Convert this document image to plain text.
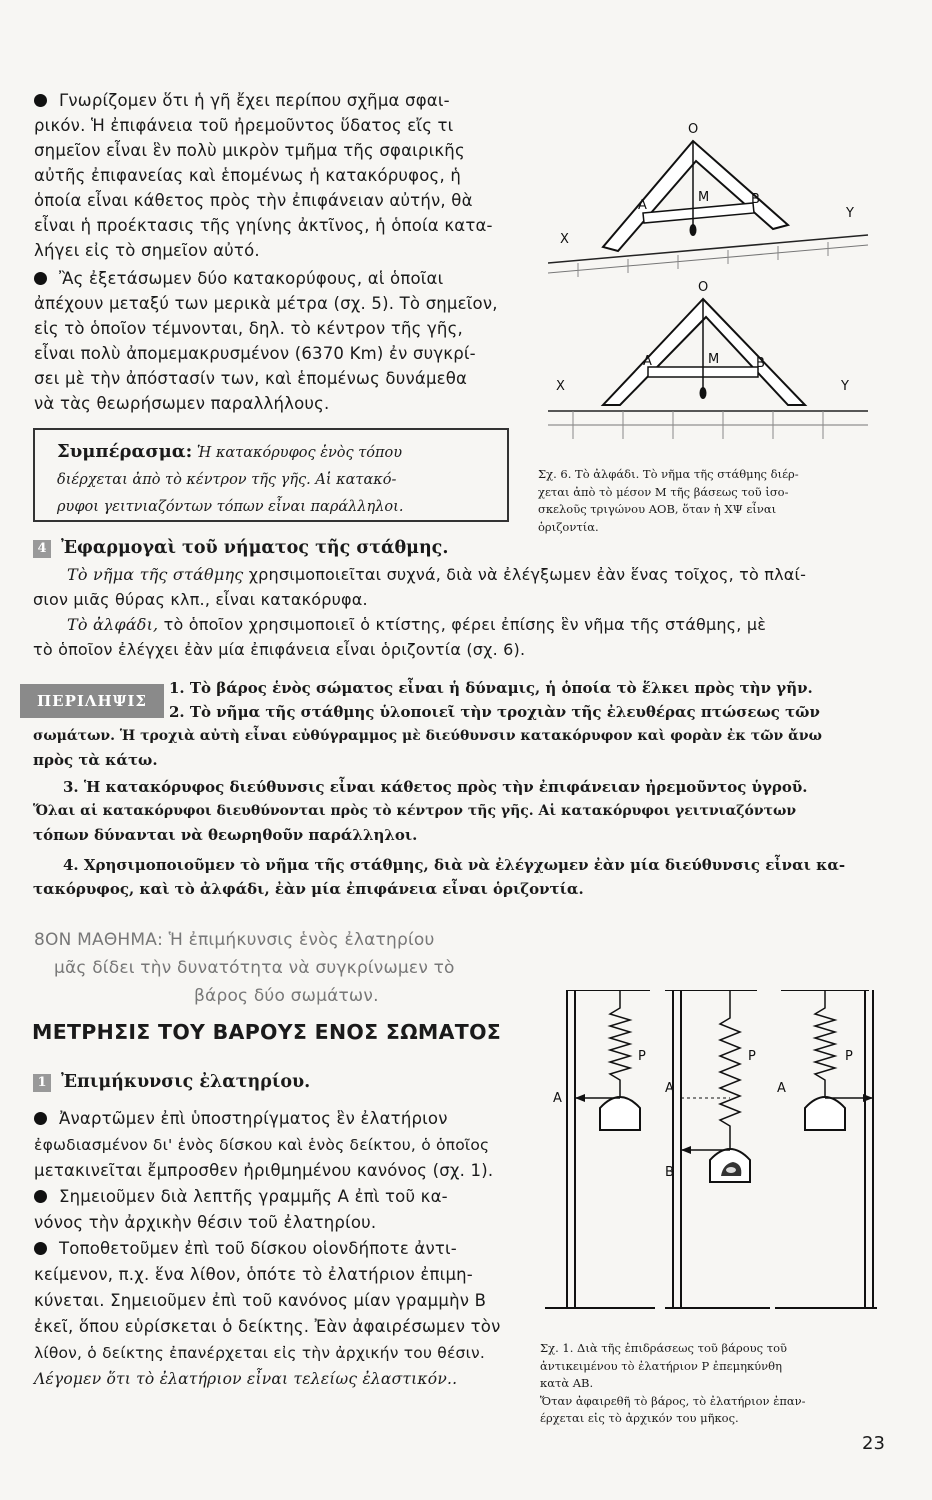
Γνωρίζομεν ὅτι ἡ γῆ ἔχει περίπου σχῆμα σφαι-
ρικόν. Ἡ ἐπιφάνεια τοῦ ἠρεμοῦντος ὕδατος εἴς τι
σημεῖον εἶναι ἓν πολὺ μικρὸν τμῆμα τῆς σφαιρικῆς
αὐτῆς ἐπιφανείας καὶ ἑπομένως ἡ κατακόρυφος, ἡ
ὁποία εἶναι κάθετος πρὸς τὴν ἐπιφάνειαν αὐτήν, θὰ
εἶναι ἡ προέκτασις τῆς γηίνης ἀκτῖνος, ἡ ὁποία κατα-
λήγει εἰς τὸ σημεῖον αὐτό.
Ἂς ἐξετάσωμεν δύο κατακορύφους, αἱ ὁποῖαι
ἀπέχουν μεταξύ των μερικὰ μέτρα (σχ. 5). Τὸ σημεῖον,
εἰς τὸ ὁποῖον τέμνονται, δηλ. τὸ κέντρον τῆς γῆς,
εἶναι πολὺ ἀπομεμακρυσμένον (6370 Km) ἐν συγκρί-
σει μὲ τὴν ἀπόστασίν των, καὶ ἑπομένως δυνάμεθα
νὰ τὰς θεωρήσωμεν παραλλήλους.
Συμπέρασμα: Ἡ κατακόρυφος ἑνὸς τόπου
διέρχεται ἀπὸ τὸ κέντρον τῆς γῆς. Αἱ κατακό-
ρυφοι γειτνιαζόντων τόπων εἶναι παράλληλοι.
O
A
M	B
X
Y
O
A	M	B
X	Y
Σχ. 6. Τὸ ἀλφάδι. Τὸ νῆμα τῆς στάθμης διέρ-
χεται ἀπὸ τὸ μέσον Μ τῆς βάσεως τοῦ ἰσο-
σκελοῦς τριγώνου ΑΟΒ, ὅταν ἡ ΧΨ εἶναι
ὁριζοντία.
4 Ἐφαρμογαὶ τοῦ νήματος τῆς στάθμης.
Τὸ νῆμα τῆς στάθμης χρησιμοποιεῖται συχνά, διὰ νὰ ἐλέγξωμεν ἐὰν ἕνας τοῖχος, τὸ πλαί-
σιον μιᾶς θύρας κλπ., εἶναι κατακόρυφα.
Τὸ ἀλφάδι, τὸ ὁποῖον χρησιμοποιεῖ ὁ κτίστης, φέρει ἐπίσης ἓν νῆμα τῆς στάθμης, μὲ
τὸ ὁποῖον ἐλέγχει ἐὰν μία ἐπιφάνεια εἶναι ὁριζοντία (σχ. 6).
ΠΕΡΙΛΗΨΙΣ
1. Τὸ βάρος ἑνὸς σώματος εἶναι ἡ δύναμις, ἡ ὁποία τὸ ἕλκει πρὸς τὴν γῆν.
2. Τὸ νῆμα τῆς στάθμης ὑλοποιεῖ τὴν τροχιὰν τῆς ἐλευθέρας πτώσεως τῶν
σωμάτων. Ἡ τροχιὰ αὐτὴ εἶναι εὐθύγραμμος μὲ διεύθυνσιν κατακόρυφον καὶ φορὰν ἐκ τῶν ἄνω
πρὸς τὰ κάτω.
3. Ἡ κατακόρυφος διεύθυνσις εἶναι κάθετος πρὸς τὴν ἐπιφάνειαν ἠρεμοῦντος ὑγροῦ.
Ὅλαι αἱ κατακόρυφοι διευθύνονται πρὸς τὸ κέντρον τῆς γῆς. Αἱ κατακόρυφοι γειτνιαζόντων
τόπων δύνανται νὰ θεωρηθοῦν παράλληλοι.
4. Χρησιμοποιοῦμεν τὸ νῆμα τῆς στάθμης, διὰ νὰ ἐλέγχωμεν ἐὰν μία διεύθυνσις εἶναι κα-
τακόρυφος, καὶ τὸ ἀλφάδι, ἐὰν μία ἐπιφάνεια εἶναι ὁριζοντία.
8ΟΝ ΜΑΘΗΜΑ: Ἡ ἐπιμήκυνσις ἑνὸς ἐλατηρίου
μᾶς δίδει τὴν δυνατότητα νὰ συγκρίνωμεν τὸ
βάρος δύο σωμάτων.
ΜΕΤΡΗΣΙΣ ΤΟΥ ΒΑΡΟΥΣ ΕΝΟΣ ΣΩΜΑΤΟΣ
1 Ἐπιμήκυνσις ἐλατηρίου.
Ἀναρτῶμεν ἐπὶ ὑποστηρίγματος ἓν ἐλατήριον
ἐφωδιασμένον δι' ἑνὸς δίσκου καὶ ἑνὸς δείκτου, ὁ ὁποῖος
μετακινεῖται ἔμπροσθεν ἠριθμημένου κανόνος (σχ. 1).
Σημειοῦμεν διὰ λεπτῆς γραμμῆς Α ἐπὶ τοῦ κα-
νόνος τὴν ἀρχικὴν θέσιν τοῦ ἐλατηρίου.
Τοποθετοῦμεν ἐπὶ τοῦ δίσκου οἱονδήποτε ἀντι-
κείμενον, π.χ. ἕνα λίθον, ὁπότε τὸ ἐλατήριον ἐπιμη-
κύνεται. Σημειοῦμεν ἐπὶ τοῦ κανόνος μίαν γραμμὴν Β
ἐκεῖ, ὅπου εὑρίσκεται ὁ δείκτης. Ἐὰν ἀφαιρέσωμεν τὸν
λίθον, ὁ δείκτης ἐπανέρχεται εἰς τὴν ἀρχικήν του θέσιν.
Λέγομεν ὅτι τὸ ἐλατήριον εἶναι τελείως ἐλαστικόν..
P	P	P
A
A	A
B
Σχ. 1. Διὰ τῆς ἐπιδράσεως τοῦ βάρους τοῦ
ἀντικειμένου τὸ ἐλατήριον Ρ ἐπεμηκύνθη
κατὰ ΑΒ.
Ὅταν ἀφαιρεθῆ τὸ βάρος, τὸ ἐλατήριον ἐπαν-
έρχεται εἰς τὸ ἀρχικόν του μῆκος.
23
